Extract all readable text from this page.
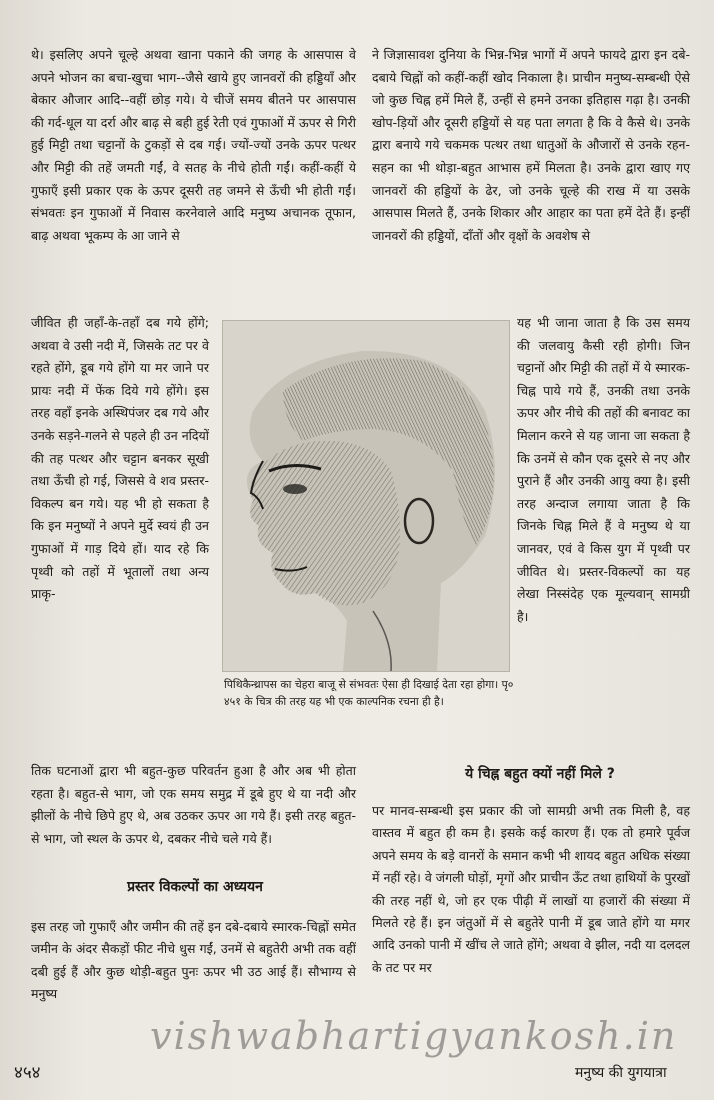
थे। इसलिए अपने चूल्हे अथवा खाना पकाने की जगह के आसपास वे अपने भोजन का बचा-खुचा भाग--जैसे खाये हुए जानवरों की हड्डियाँ और बेकार औजार आदि--वहीं छोड़ गये। ये चीजें समय बीतने पर आसपास की गर्द-धूल या दर्रा और बाढ़ से बही हुई रेती एवं गुफाओं में ऊपर से गिरी हुई मिट्टी तथा चट्टानों के टुकड़ों से दब गई। ज्यों-ज्यों उनके ऊपर पत्थर और मिट्टी की तहें जमती गईं, वे सतह के नीचे होती गईं। कहीं-कहीं ये गुफाएँ इसी प्रकार एक के ऊपर दूसरी तह जमने से ऊँची भी होती गईं। संभवतः इन गुफाओं में निवास करनेवाले आदि मनुष्य अचानक तूफान, बाढ़ अथवा भूकम्प के आ जाने से

जीवित ही जहाँ-के-तहाँ दब गये होंगे; अथवा वे उसी नदी में, जिसके तट पर वे रहते होंगे, डूब गये होंगे या मर जाने पर प्रायः नदी में फेंक दिये गये होंगे। इस तरह वहाँ इनके अस्थिपंजर दब गये और उनके सड़ने-गलने से पहले ही उन नदियों की तह पत्थर और चट्टान बनकर सूखी तथा ऊँची हो गई, जिससे वे शव प्रस्तर-विकल्प बन गये। यह भी हो सकता है कि इन मनुष्यों ने अपने मुर्दे स्वयं ही उन गुफाओं में गाड़ दिये हों। याद रहे कि पृथ्वी को तहों में भूतालों तथा अन्य प्राकृ-

तिक घटनाओं द्वारा भी बहुत-कुछ परिवर्तन हुआ है और अब भी होता रहता है। बहुत-से भाग, जो एक समय समुद्र में डूबे हुए थे या नदी और झीलों के नीचे छिपे हुए थे, अब उठकर ऊपर आ गये हैं। इसी तरह बहुत-से भाग, जो स्थल के ऊपर थे, दबकर नीचे चले गये हैं।

प्रस्तर विकल्पों का अध्ययन

इस तरह जो गुफाएँ और जमीन की तहें इन दबे-दबाये स्मारक-चिह्नों समेत जमीन के अंदर सैकड़ों फीट नीचे धुस गईं, उनमें से बहुतेरी अभी तक वहीं दबी हुई हैं और कुछ थोड़ी-बहुत पुनः ऊपर भी उठ आई हैं। सौभाग्य से मनुष्य

ने जिज्ञासावश दुनिया के भिन्न-भिन्न भागों में अपने फायदे द्वारा इन दबे-दबाये चिह्नों को कहीं-कहीं खोद निकाला है। प्राचीन मनुष्य-सम्बन्धी ऐसे जो कुछ चिह्न हमें मिले हैं, उन्हीं से हमने उनका इतिहास गढ़ा है। उनकी खोप-ड़ियों और दूसरी हड्डियों से यह पता लगता है कि वे कैसे थे। उनके द्वारा बनाये गये चकमक पत्थर तथा धातुओं के औजारों से उनके रहन-सहन का भी थोड़ा-बहुत आभास हमें मिलता है। उनके द्वारा खाए गए जानवरों की हड्डियों के ढेर, जो उनके चूल्हे की राख में या उसके आसपास मिलते हैं, उनके शिकार और आहार का पता हमें देते हैं। इन्हीं जानवरों की हड्डियों, दाँतों और वृक्षों के अवशेष से

यह भी जाना जाता है कि उस समय की जलवायु कैसी रही होगी। जिन चट्टानों और मिट्टी की तहों में ये स्मारक-चिह्न पाये गये हैं, उनकी तथा उनके ऊपर और नीचे की तहों की बनावट का मिलान करने से यह जाना जा सकता है कि उनमें से कौन एक दूसरे से नए और पुराने हैं और उनकी आयु क्या है। इसी तरह अन्दाज लगाया जाता है कि जिनके चिह्न मिले हैं वे मनुष्य थे या जानवर, एवं वे किस युग में पृथ्वी पर जीवित थे। प्रस्तर-विकल्पों का यह लेखा निस्संदेह एक मूल्यवान् सामग्री है।

ये चिह्न बहुत क्यों नहीं मिले ?

पर मानव-सम्बन्धी इस प्रकार की जो सामग्री अभी तक मिली है, वह वास्तव में बहुत ही कम है। इसके कई कारण हैं। एक तो हमारे पूर्वज अपने समय के बड़े वानरों के समान कभी भी शायद बहुत अधिक संख्या में नहीं रहे। वे जंगली घोड़ों, मृगों और प्राचीन ऊँट तथा हाथियों के पुरखों की तरह नहीं थे, जो हर एक पीढ़ी में लाखों या हजारों की संख्या में मिलते रहे हैं। इन जंतुओं में से बहुतेरे पानी में डूब जाते होंगे या मगर आदि उनको पानी में खींच ले जाते होंगे; अथवा वे झील, नदी या दलदल के तट पर मर

पिथिकैन्थ्रापस का चेहरा बाजू से संभवतः ऐसा ही दिखाई देता रहा होगा। पृ० ४५१ के चित्र की तरह यह भी एक काल्पनिक रचना ही है।

vishwabhartigyankosh.in
४५४	मनुष्य की युगयात्रा
